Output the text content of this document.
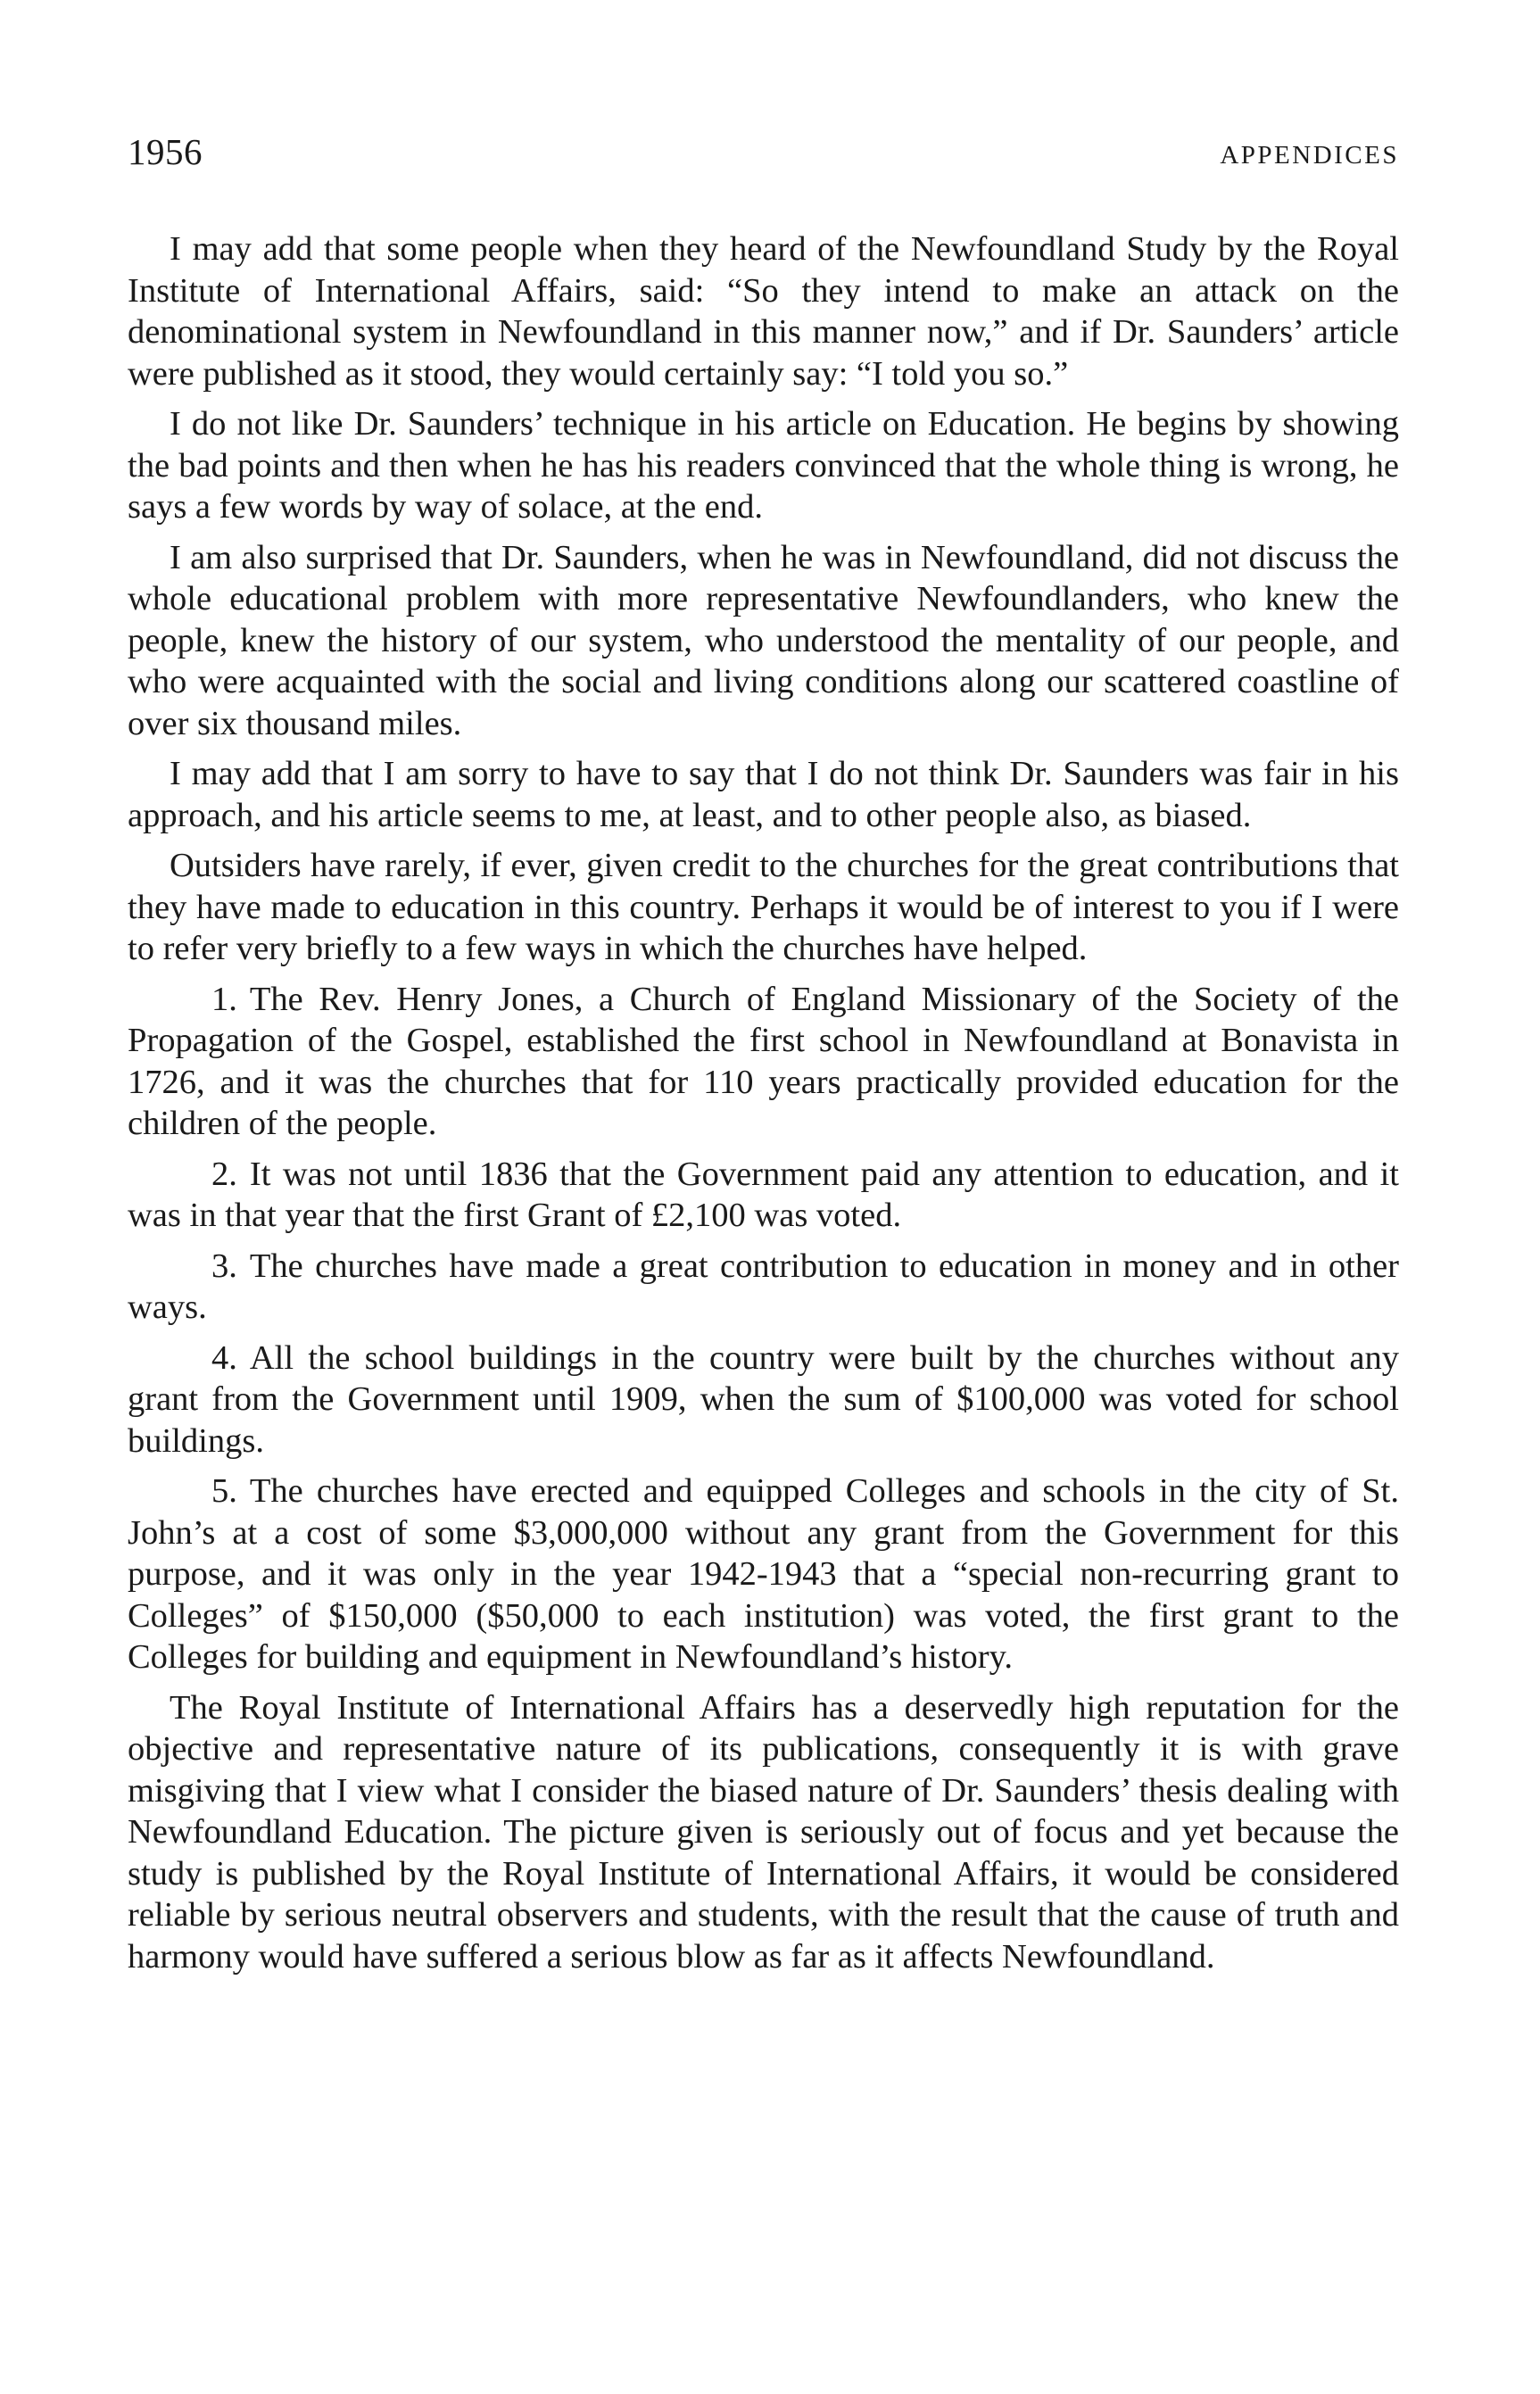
1956	APPENDICES

I may add that some people when they heard of the Newfoundland Study by the Royal Institute of International Affairs, said: “So they intend to make an attack on the denominational system in Newfoundland in this manner now,” and if Dr. Saunders’ article were published as it stood, they would certainly say: “I told you so.”

I do not like Dr. Saunders’ technique in his article on Education. He begins by showing the bad points and then when he has his readers convinced that the whole thing is wrong, he says a few words by way of solace, at the end.

I am also surprised that Dr. Saunders, when he was in Newfoundland, did not discuss the whole educational problem with more representative Newfoundlanders, who knew the people, knew the history of our system, who understood the mentality of our people, and who were acquainted with the social and living conditions along our scattered coastline of over six thousand miles.

I may add that I am sorry to have to say that I do not think Dr. Saunders was fair in his approach, and his article seems to me, at least, and to other people also, as biased.

Outsiders have rarely, if ever, given credit to the churches for the great contributions that they have made to education in this country. Perhaps it would be of interest to you if I were to refer very briefly to a few ways in which the churches have helped.

1. The Rev. Henry Jones, a Church of England Missionary of the Society of the Propagation of the Gospel, established the first school in Newfoundland at Bonavista in 1726, and it was the churches that for 110 years practically provided education for the children of the people.

2. It was not until 1836 that the Government paid any attention to education, and it was in that year that the first Grant of £2,100 was voted.

3. The churches have made a great contribution to education in money and in other ways.

4. All the school buildings in the country were built by the churches without any grant from the Government until 1909, when the sum of $100,000 was voted for school buildings.

5. The churches have erected and equipped Colleges and schools in the city of St. John’s at a cost of some $3,000,000 without any grant from the Government for this purpose, and it was only in the year 1942-1943 that a “special non-recurring grant to Colleges” of $150,000 ($50,000 to each institution) was voted, the first grant to the Colleges for building and equipment in Newfoundland’s history.

The Royal Institute of International Affairs has a deservedly high reputation for the objective and representative nature of its publications, consequently it is with grave misgiving that I view what I consider the biased nature of Dr. Saunders’ thesis dealing with Newfoundland Education. The picture given is seriously out of focus and yet because the study is published by the Royal Institute of International Affairs, it would be considered reliable by serious neutral observers and students, with the result that the cause of truth and harmony would have suffered a serious blow as far as it affects Newfoundland.
